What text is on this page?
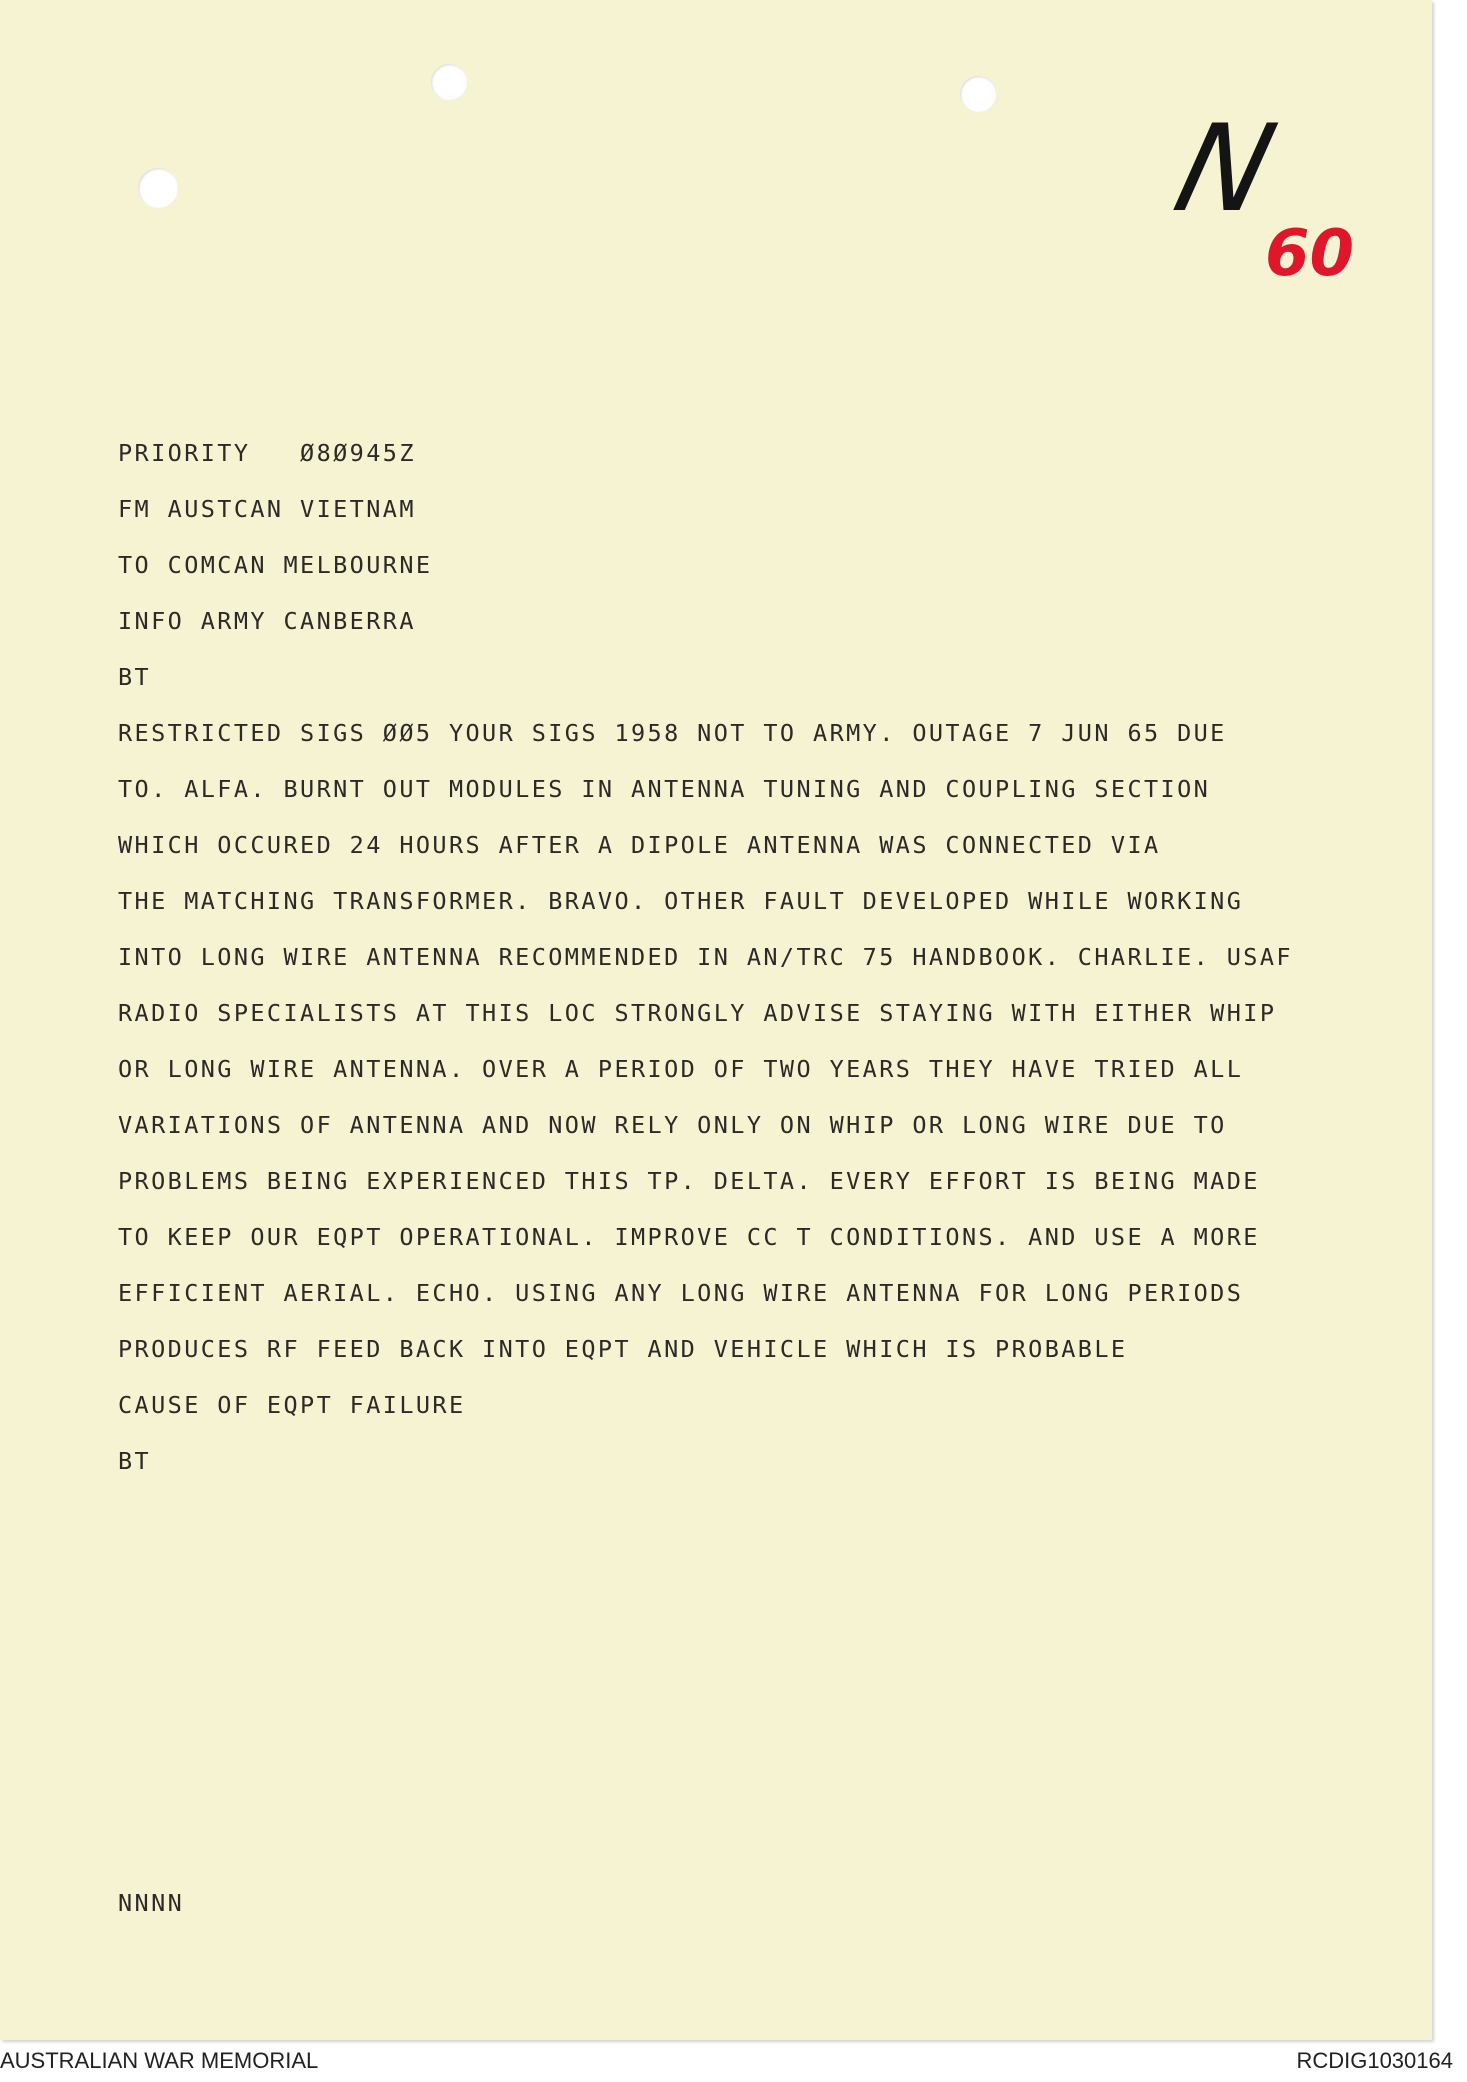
N
60

PRIORITY   Ø8Ø945Z

FM AUSTCAN VIETNAM

TO COMCAN MELBOURNE

INFO ARMY CANBERRA

BT

RESTRICTED SIGS ØØ5 YOUR SIGS 1958 NOT TO ARMY. OUTAGE 7 JUN 65 DUE

TO. ALFA. BURNT OUT MODULES IN ANTENNA TUNING AND COUPLING SECTION

WHICH OCCURED 24 HOURS AFTER A DIPOLE ANTENNA WAS CONNECTED VIA

THE MATCHING TRANSFORMER. BRAVO. OTHER FAULT DEVELOPED WHILE WORKING

INTO LONG WIRE ANTENNA RECOMMENDED IN AN/TRC 75 HANDBOOK. CHARLIE. USAF

RADIO SPECIALISTS AT THIS LOC STRONGLY ADVISE STAYING WITH EITHER WHIP

OR LONG WIRE ANTENNA. OVER A PERIOD OF TWO YEARS THEY HAVE TRIED ALL

VARIATIONS OF ANTENNA AND NOW RELY ONLY ON WHIP OR LONG WIRE DUE TO

PROBLEMS BEING EXPERIENCED THIS TP. DELTA. EVERY EFFORT IS BEING MADE

TO KEEP OUR EQPT OPERATIONAL. IMPROVE CC T CONDITIONS. AND USE A MORE

EFFICIENT AERIAL. ECHO. USING ANY LONG WIRE ANTENNA FOR LONG PERIODS

PRODUCES RF FEED BACK INTO EQPT AND VEHICLE WHICH IS PROBABLE

CAUSE OF EQPT FAILURE

BT

NNNN

AUSTRALIAN WAR MEMORIAL	RCDIG1030164
